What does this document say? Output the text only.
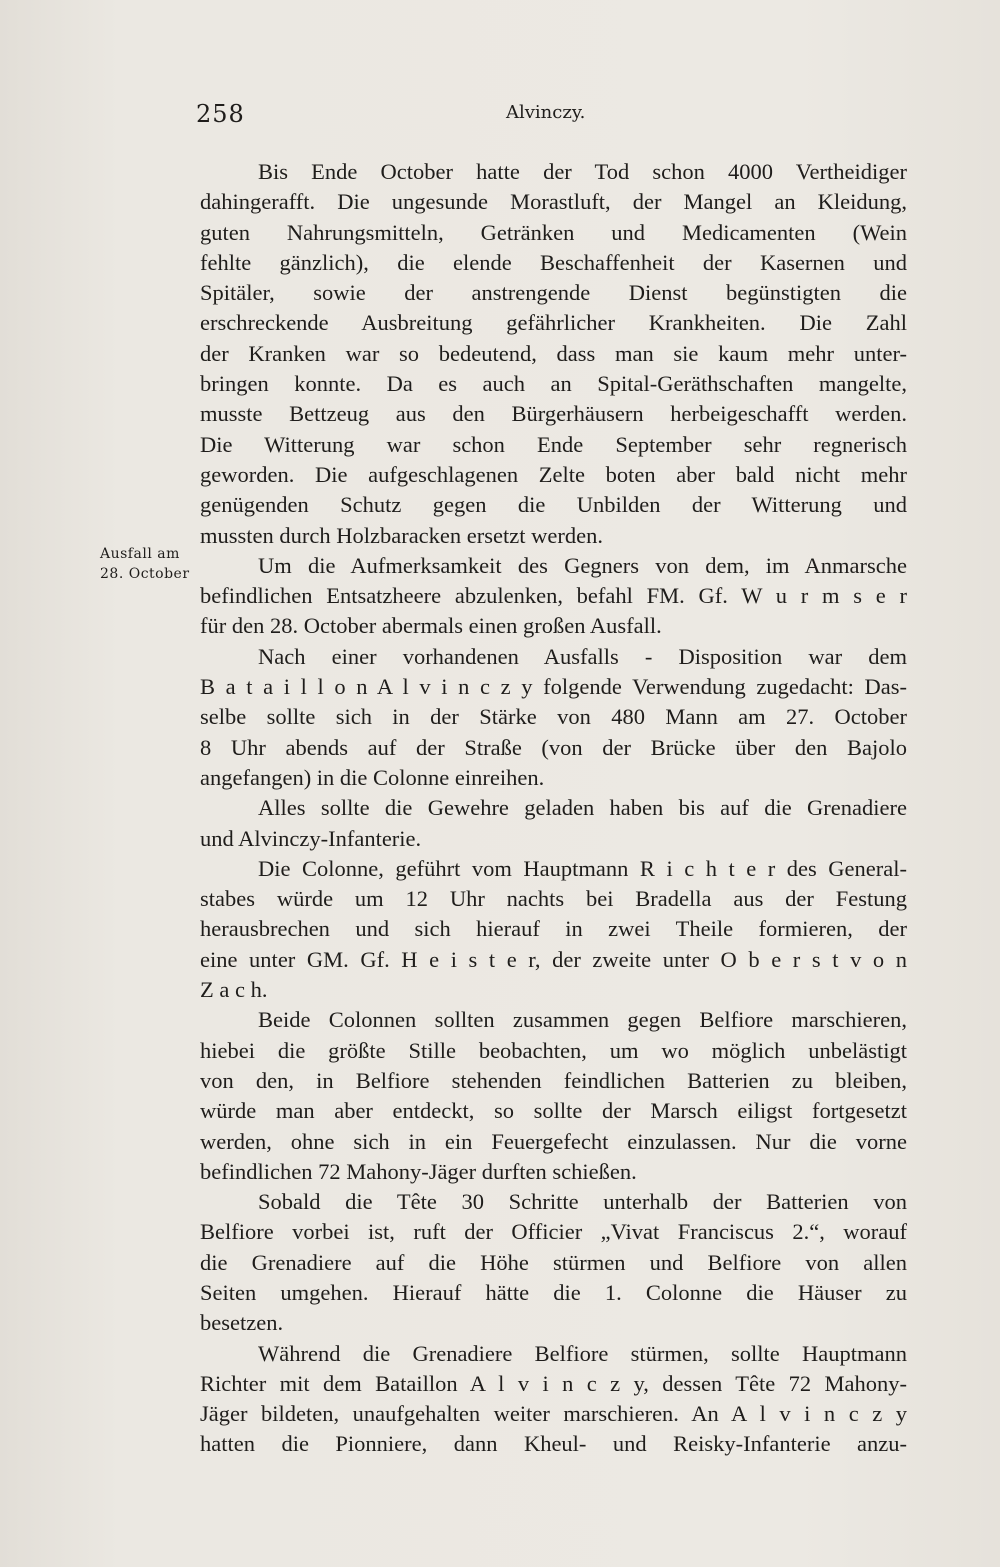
258	Alvinczy.
Ausfall am
28. October
Bis Ende October hatte der Tod schon 4000 Vertheidiger
dahingerafft. Die ungesunde Morastluft, der Mangel an Kleidung,
guten Nahrungsmitteln, Getränken und Medicamenten (Wein
fehlte gänzlich), die elende Beschaffenheit der Kasernen und
Spitäler, sowie der anstrengende Dienst begünstigten die
erschreckende Ausbreitung gefährlicher Krankheiten. Die Zahl
der Kranken war so bedeutend, dass man sie kaum mehr unter-
bringen konnte. Da es auch an Spital-Geräthschaften mangelte,
musste Bettzeug aus den Bürgerhäusern herbeigeschafft werden.
Die Witterung war schon Ende September sehr regnerisch
geworden. Die aufgeschlagenen Zelte boten aber bald nicht mehr
genügenden Schutz gegen die Unbilden der Witterung und
mussten durch Holzbaracken ersetzt werden.
Um die Aufmerksamkeit des Gegners von dem, im Anmarsche
befindlichen Entsatzheere abzulenken, befahl FM. Gf. W u r m s e r
für den 28. October abermals einen großen Ausfall.
Nach einer vorhandenen Ausfalls - Disposition war dem
B a t a i l l o n A l v i n c z y folgende Verwendung zugedacht: Das-
selbe sollte sich in der Stärke von 480 Mann am 27. October
8 Uhr abends auf der Straße (von der Brücke über den Bajolo
angefangen) in die Colonne einreihen.
Alles sollte die Gewehre geladen haben bis auf die Grenadiere
und Alvinczy-Infanterie.
Die Colonne, geführt vom Hauptmann R i c h t e r des General-
stabes würde um 12 Uhr nachts bei Bradella aus der Festung
herausbrechen und sich hierauf in zwei Theile formieren, der
eine unter GM. Gf. H e i s t e r, der zweite unter O b e r s t v o n
Z a c h.
Beide Colonnen sollten zusammen gegen Belfiore marschieren,
hiebei die größte Stille beobachten, um wo möglich unbelästigt
von den, in Belfiore stehenden feindlichen Batterien zu bleiben,
würde man aber entdeckt, so sollte der Marsch eiligst fortgesetzt
werden, ohne sich in ein Feuergefecht einzulassen. Nur die vorne
befindlichen 72 Mahony-Jäger durften schießen.
Sobald die Tête 30 Schritte unterhalb der Batterien von
Belfiore vorbei ist, ruft der Officier „Vivat Franciscus 2.“, worauf
die Grenadiere auf die Höhe stürmen und Belfiore von allen
Seiten umgehen. Hierauf hätte die 1. Colonne die Häuser zu
besetzen.
Während die Grenadiere Belfiore stürmen, sollte Hauptmann
Richter mit dem Bataillon A l v i n c z y, dessen Tête 72 Mahony-
Jäger bildeten, unaufgehalten weiter marschieren. An A l v i n c z y
hatten die Pionniere, dann Kheul- und Reisky-Infanterie anzu-
